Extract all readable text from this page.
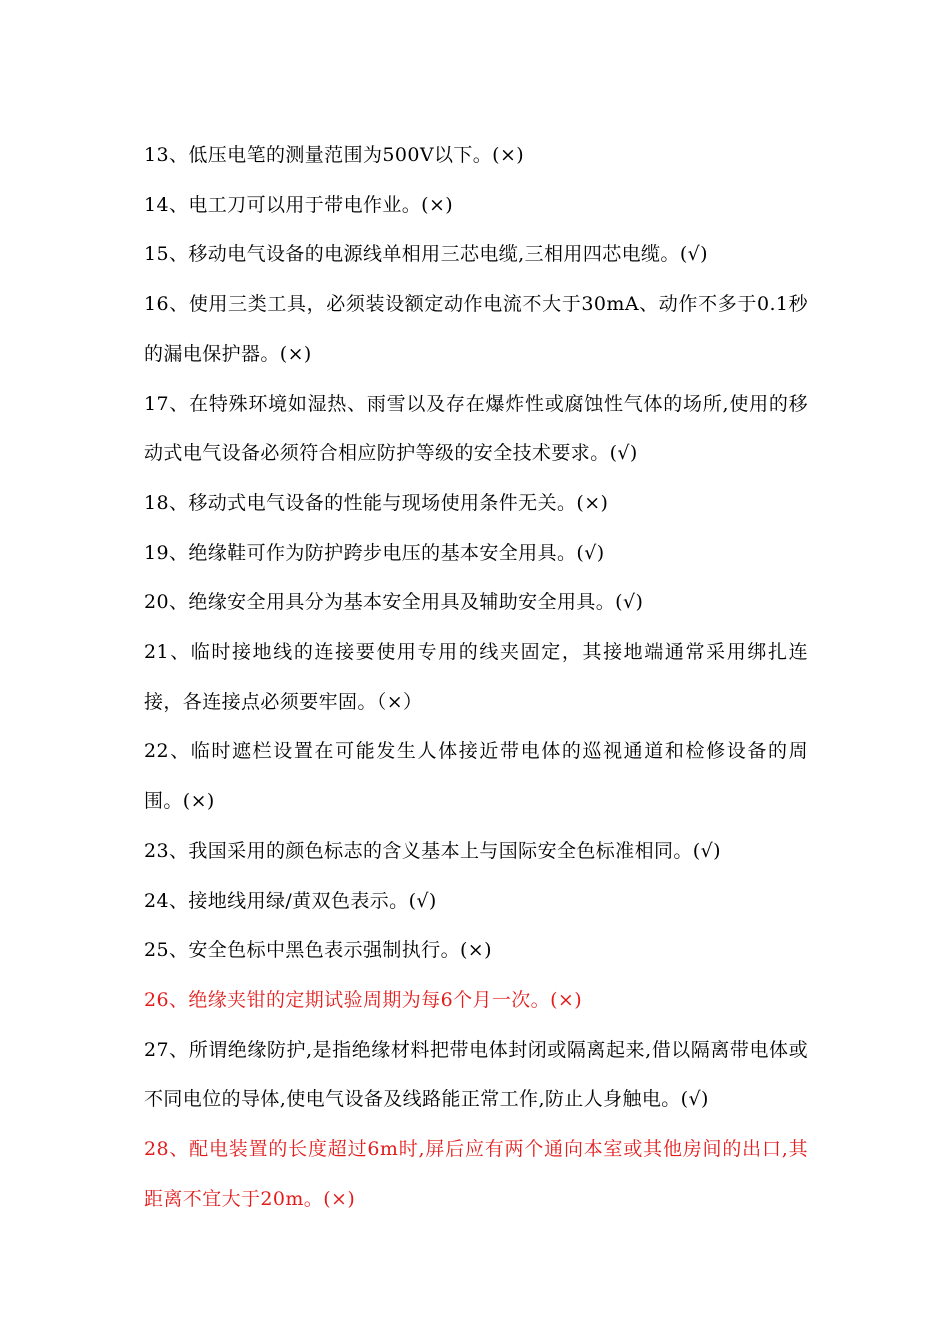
13、低压电笔的测量范围为500V以下。(×)

14、电工刀可以用于带电作业。(×)

15、移动电气设备的电源线单相用三芯电缆,三相用四芯电缆。(√)

16、使用三类工具，必须装设额定动作电流不大于30mA、动作不多于0.1秒的漏电保护器。(×)

17、在特殊环境如湿热、雨雪以及存在爆炸性或腐蚀性气体的场所,使用的移动式电气设备必须符合相应防护等级的安全技术要求。(√)

18、移动式电气设备的性能与现场使用条件无关。(×)

19、绝缘鞋可作为防护跨步电压的基本安全用具。(√)

20、绝缘安全用具分为基本安全用具及辅助安全用具。(√)

21、临时接地线的连接要使用专用的线夹固定，其接地端通常采用绑扎连接，各连接点必须要牢固。（×）

22、临时遮栏设置在可能发生人体接近带电体的巡视通道和检修设备的周围。(×)

23、我国采用的颜色标志的含义基本上与国际安全色标准相同。(√)

24、接地线用绿/黄双色表示。(√)

25、安全色标中黑色表示强制执行。(×)

26、绝缘夹钳的定期试验周期为每6个月一次。(×)

27、所谓绝缘防护,是指绝缘材料把带电体封闭或隔离起来,借以隔离带电体或不同电位的导体,使电气设备及线路能正常工作,防止人身触电。(√)

28、配电装置的长度超过6m时,屏后应有两个通向本室或其他房间的出口,其距离不宜大于20m。(×)
